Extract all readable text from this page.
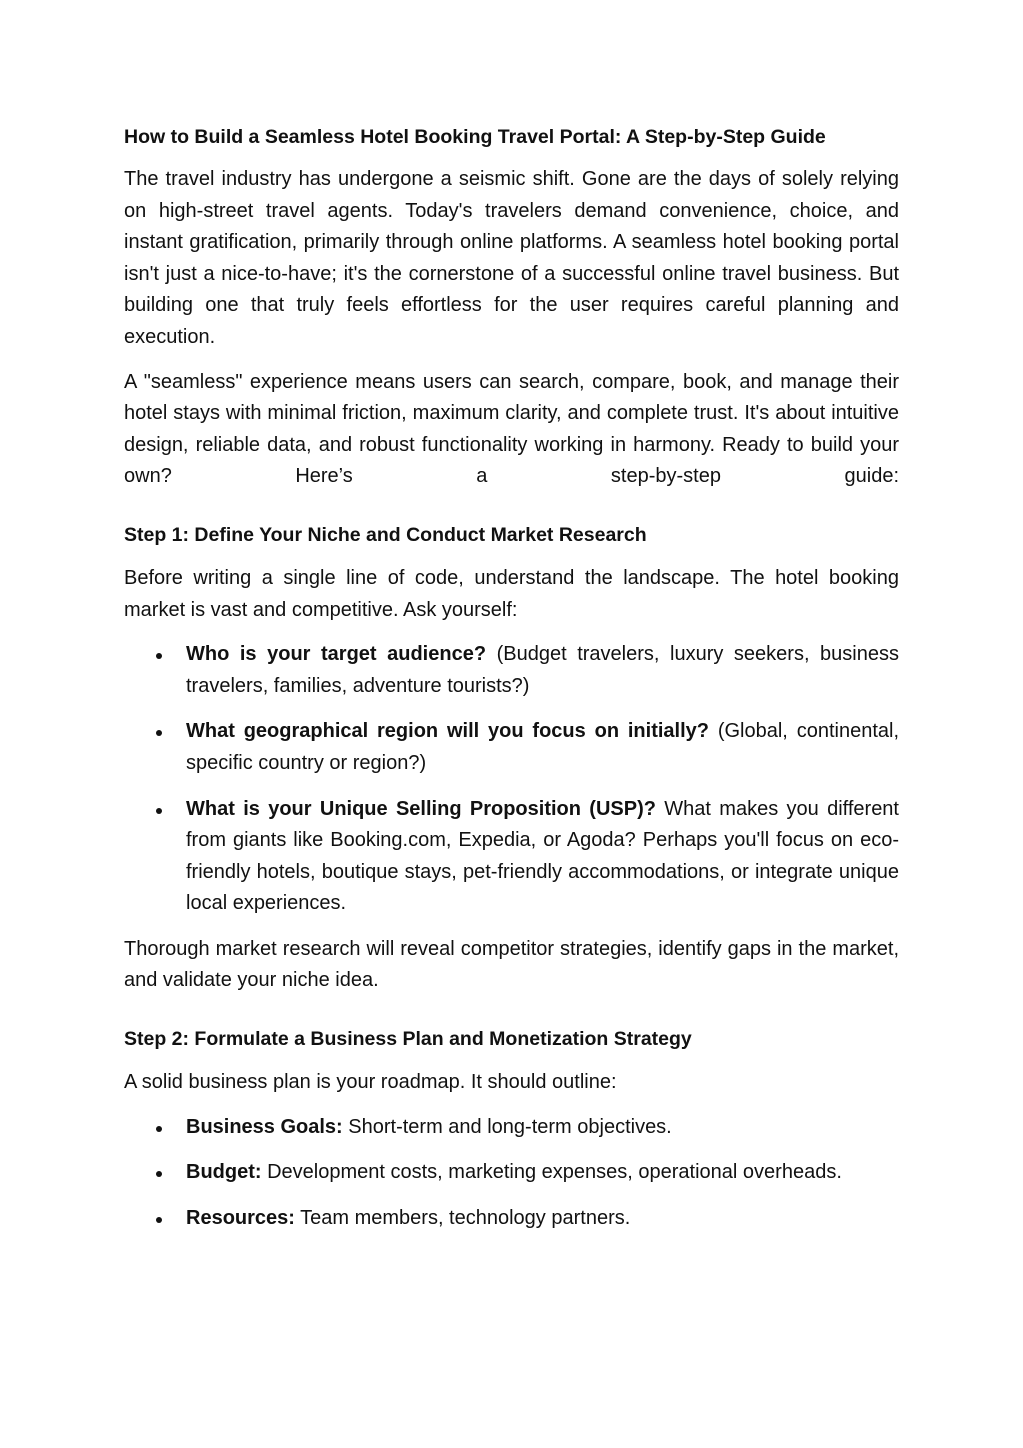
How to Build a Seamless Hotel Booking Travel Portal: A Step-by-Step Guide

The travel industry has undergone a seismic shift. Gone are the days of solely relying on high-street travel agents. Today's travelers demand convenience, choice, and instant gratification, primarily through online platforms. A seamless hotel booking portal isn't just a nice-to-have; it's the cornerstone of a successful online travel business. But building one that truly feels effortless for the user requires careful planning and execution.

A "seamless" experience means users can search, compare, book, and manage their hotel stays with minimal friction, maximum clarity, and complete trust. It's about intuitive design, reliable data, and robust functionality working in harmony. Ready to build your own? Here’s a step-by-step guide:

Step 1: Define Your Niche and Conduct Market Research

Before writing a single line of code, understand the landscape. The hotel booking market is vast and competitive. Ask yourself:

Who is your target audience? (Budget travelers, luxury seekers, business travelers, families, adventure tourists?)
What geographical region will you focus on initially? (Global, continental, specific country or region?)
What is your Unique Selling Proposition (USP)? What makes you different from giants like Booking.com, Expedia, or Agoda? Perhaps you'll focus on eco-friendly hotels, boutique stays, pet-friendly accommodations, or integrate unique local experiences.

Thorough market research will reveal competitor strategies, identify gaps in the market, and validate your niche idea.

Step 2: Formulate a Business Plan and Monetization Strategy

A solid business plan is your roadmap. It should outline:

Business Goals: Short-term and long-term objectives.
Budget: Development costs, marketing expenses, operational overheads.
Resources: Team members, technology partners.
